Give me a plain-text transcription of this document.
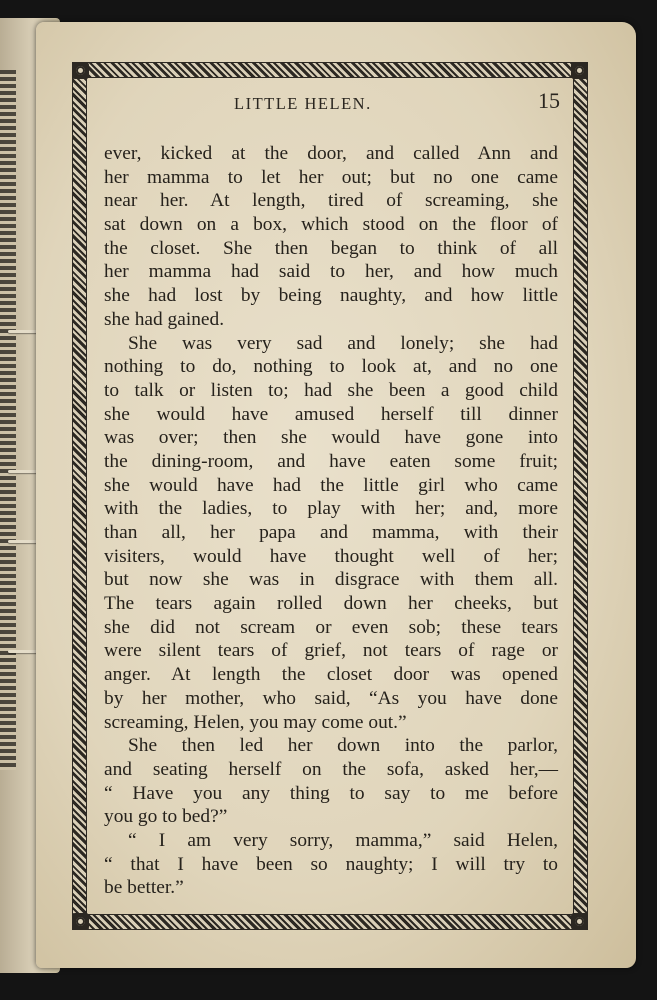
LITTLE HELEN.	15
ever, kicked at the door, and called Ann and
her mamma to let her out; but no one came
near her. At length, tired of screaming, she
sat down on a box, which stood on the floor of
the closet. She then began to think of all
her mamma had said to her, and how much
she had lost by being naughty, and how little
she had gained.
She was very sad and lonely; she had
nothing to do, nothing to look at, and no one
to talk or listen to; had she been a good child
she would have amused herself till dinner
was over; then she would have gone into
the dining-room, and have eaten some fruit;
she would have had the little girl who came
with the ladies, to play with her; and, more
than all, her papa and mamma, with their
visiters, would have thought well of her;
but now she was in disgrace with them all.
The tears again rolled down her cheeks, but
she did not scream or even sob; these tears
were silent tears of grief, not tears of rage or
anger. At length the closet door was opened
by her mother, who said, “As you have done
screaming, Helen, you may come out.”
She then led her down into the parlor,
and seating herself on the sofa, asked her,—
“ Have you any thing to say to me before
you go to bed?”
“ I am very sorry, mamma,” said Helen,
“ that I have been so naughty; I will try to
be better.”
